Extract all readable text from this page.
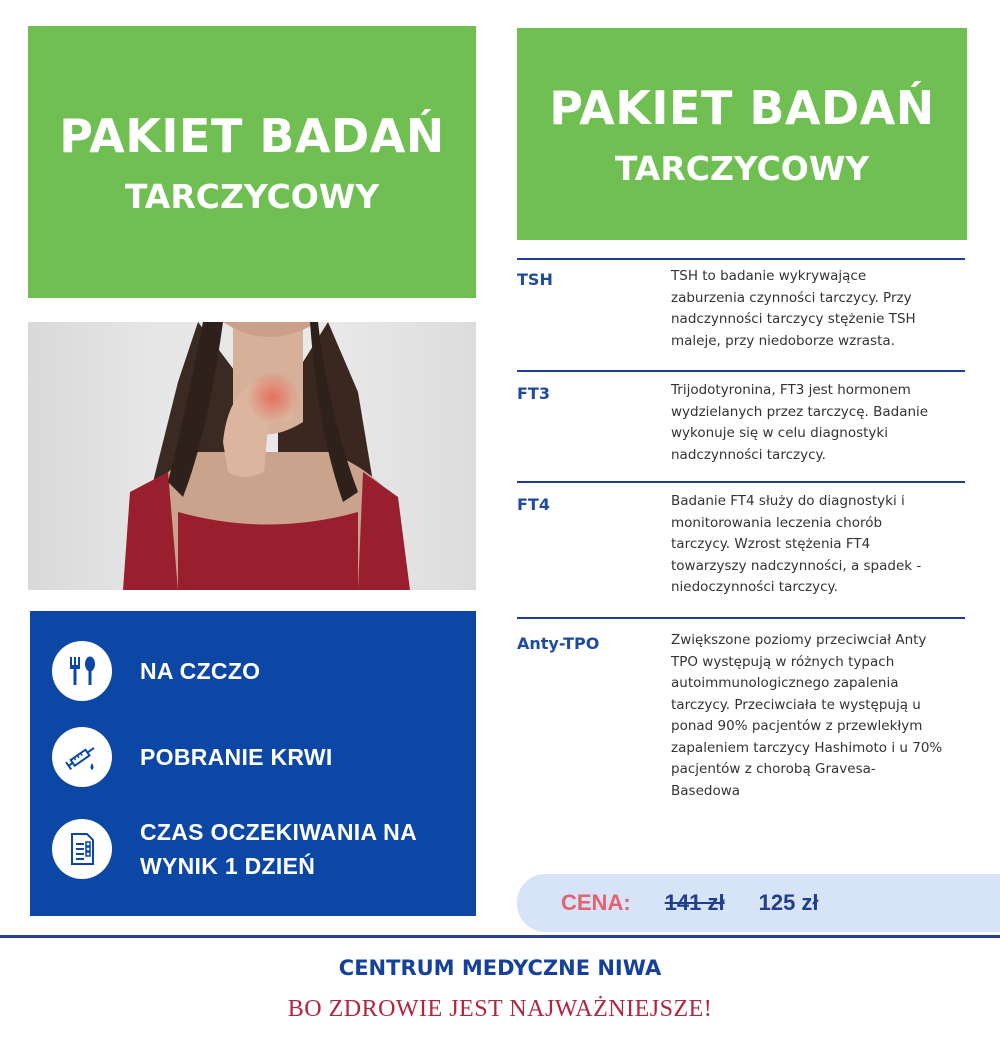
PAKIET BADAŃ
TARCZYCOWY
PAKIET BADAŃ
TARCZYCOWY
NA CZCZO
POBRANIE KRWI
CZAS OCZEKIWANIA NA
WYNIK 1 DZIEŃ
TSH	TSH to badanie wykrywające
zaburzenia czynności tarczycy. Przy
nadczynności tarczycy stężenie TSH
maleje, przy niedoborze wzrasta.
FT3	Trijodotyronina, FT3 jest hormonem
wydzielanych przez tarczycę. Badanie
wykonuje się w celu diagnostyki
nadczynności tarczycy.
FT4	Badanie FT4 służy do diagnostyki i
monitorowania leczenia chorób
tarczycy. Wzrost stężenia FT4
towarzyszy nadczynności, a spadek -
niedoczynności tarczycy.
Anty-TPO	Zwiększone poziomy przeciwciał Anty
TPO występują w różnych typach
autoimmunologicznego zapalenia
tarczycy. Przeciwciała te występują u
ponad 90% pacjentów z przewlekłym
zapaleniem tarczycy Hashimoto i u 70%
pacjentów z chorobą Gravesa-
Basedowa
CENA: 141 zł 125 zł
CENTRUM MEDYCZNE NIWA
BO ZDROWIE JEST NAJWAŻNIEJSZE!
